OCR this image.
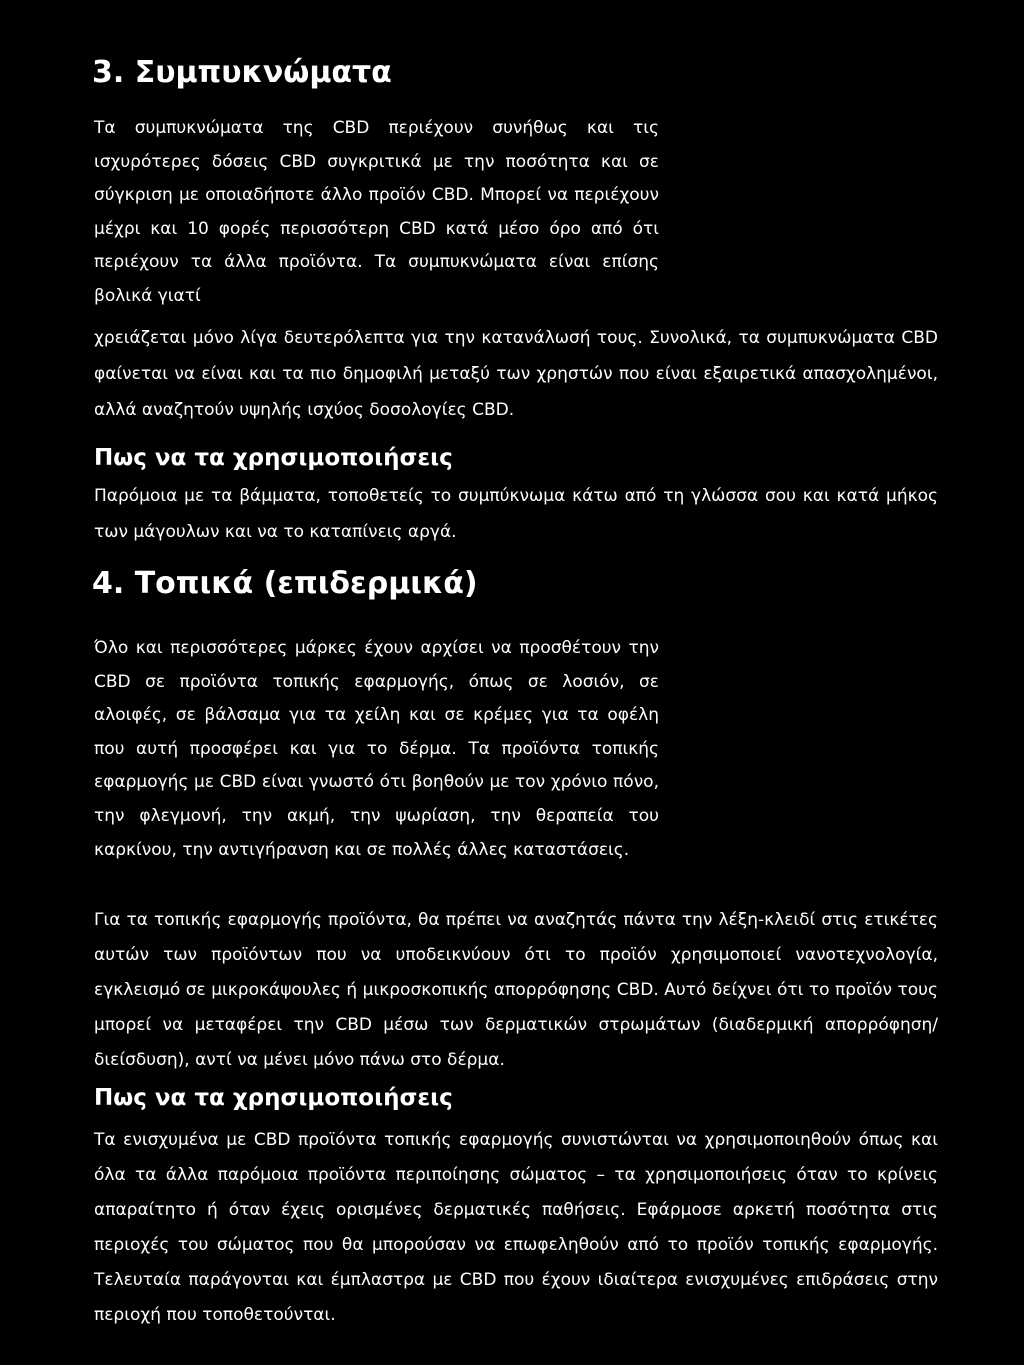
3. Συμπυκνώματα

Τα συμπυκνώματα της CBD περιέχουν συνήθως και τις ισχυρότερες δόσεις CBD συγκριτικά με την ποσότητα και σε σύγκριση με οποιαδήποτε άλλο προϊόν CBD. Μπορεί να περιέχουν μέχρι και 10 φορές περισσότερη CBD κατά μέσο όρο από ότι περιέχουν τα άλλα προϊόντα. Τα συμπυκνώματα είναι επίσης βολικά γιατί

χρειάζεται μόνο λίγα δευτερόλεπτα για την κατανάλωσή τους. Συνολικά, τα συμπυκνώματα CBD φαίνεται να είναι και τα πιο δημοφιλή μεταξύ των χρηστών που είναι εξαιρετικά απασχολημένοι, αλλά αναζητούν υψηλής ισχύος δοσολογίες CBD.

Πως να τα χρησιμοποιήσεις

Παρόμοια με τα βάμματα, τοποθετείς το συμπύκνωμα κάτω από τη γλώσσα σου και κατά μήκος των μάγουλων και να το καταπίνεις αργά.

4. Τοπικά (επιδερμικά)

Όλο και περισσότερες μάρκες έχουν αρχίσει να προσθέτουν την CBD σε προϊόντα τοπικής εφαρμογής, όπως σε λοσιόν, σε αλοιφές, σε βάλσαμα για τα χείλη και σε κρέμες για τα οφέλη που αυτή προσφέρει και για το δέρμα. Τα προϊόντα τοπικής εφαρμογής με CBD είναι γνωστό ότι βοηθούν με τον χρόνιο πόνο, την φλεγμονή, την ακμή, την ψωρίαση, την θεραπεία του καρκίνου, την αντιγήρανση και σε πολλές άλλες καταστάσεις.

Για τα τοπικής εφαρμογής προϊόντα, θα πρέπει να αναζητάς πάντα την λέξη-κλειδί στις ετικέτες αυτών των προϊόντων που να υποδεικνύουν ότι το προϊόν χρησιμοποιεί νανοτεχνολογία, εγκλεισμό σε μικροκάψουλες ή μικροσκοπικής απορρόφησης CBD. Αυτό δείχνει ότι το προϊόν τους μπορεί να μεταφέρει την CBD μέσω των δερματικών στρωμάτων (διαδερμική απορρόφηση/ διείσδυση), αντί να μένει μόνο πάνω στο δέρμα.

Πως να τα χρησιμοποιήσεις

Τα ενισχυμένα με CBD προϊόντα τοπικής εφαρμογής συνιστώνται να χρησιμοποιηθούν όπως και όλα τα άλλα παρόμοια προϊόντα περιποίησης σώματος – τα χρησιμοποιήσεις όταν το κρίνεις απαραίτητο ή όταν έχεις ορισμένες δερματικές παθήσεις. Εφάρμοσε αρκετή ποσότητα στις περιοχές του σώματος που θα μπορούσαν να επωφεληθούν από το προϊόν τοπικής εφαρμογής. Τελευταία παράγονται και έμπλαστρα με CBD που έχουν ιδιαίτερα ενισχυμένες επιδράσεις στην περιοχή που τοποθετούνται.
